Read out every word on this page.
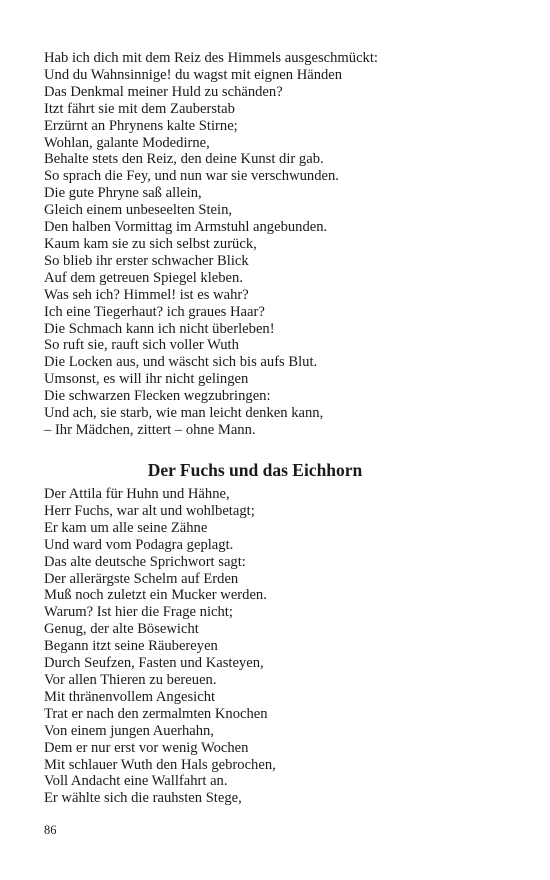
Hab ich dich mit dem Reiz des Himmels ausgeschmückt:
Und du Wahnsinnige! du wagst mit eignen Händen
Das Denkmal meiner Huld zu schänden?
Itzt fährt sie mit dem Zauberstab
Erzürnt an Phrynens kalte Stirne;
Wohlan, galante Modedirne,
Behalte stets den Reiz, den deine Kunst dir gab.
So sprach die Fey, und nun war sie verschwunden.
Die gute Phryne saß allein,
Gleich einem unbeseelten Stein,
Den halben Vormittag im Armstuhl angebunden.
Kaum kam sie zu sich selbst zurück,
So blieb ihr erster schwacher Blick
Auf dem getreuen Spiegel kleben.
Was seh ich? Himmel! ist es wahr?
Ich eine Tiegerhaut? ich graues Haar?
Die Schmach kann ich nicht überleben!
So ruft sie, rauft sich voller Wuth
Die Locken aus, und wäscht sich bis aufs Blut.
Umsonst, es will ihr nicht gelingen
Die schwarzen Flecken wegzubringen:
Und ach, sie starb, wie man leicht denken kann,
– Ihr Mädchen, zittert – ohne Mann.
Der Fuchs und das Eichhorn
Der Attila für Huhn und Hähne,
Herr Fuchs, war alt und wohlbetagt;
Er kam um alle seine Zähne
Und ward vom Podagra geplagt.
Das alte deutsche Sprichwort sagt:
Der allerärgste Schelm auf Erden
Muß noch zuletzt ein Mucker werden.
Warum? Ist hier die Frage nicht;
Genug, der alte Bösewicht
Begann itzt seine Räubereyen
Durch Seufzen, Fasten und Kasteyen,
Vor allen Thieren zu bereuen.
Mit thränenvollem Angesicht
Trat er nach den zermalmten Knochen
Von einem jungen Auerhahn,
Dem er nur erst vor wenig Wochen
Mit schlauer Wuth den Hals gebrochen,
Voll Andacht eine Wallfahrt an.
Er wählte sich die rauhsten Stege,
86
